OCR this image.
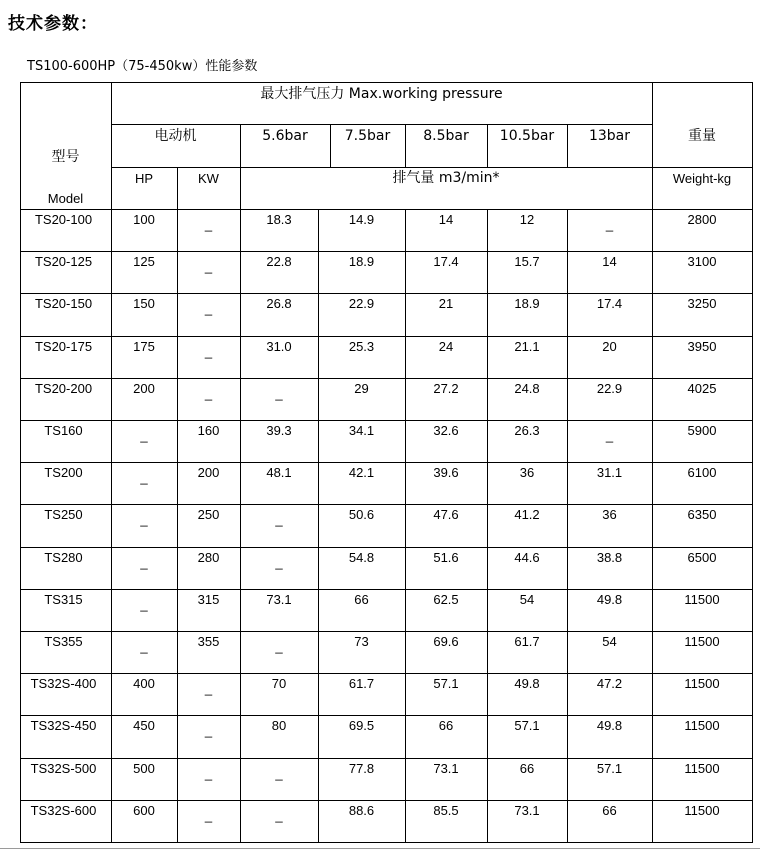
技术参数：
TS100-600HP（75-450kw）性能参数
最大排气压力 Max.working pressure
电动机	5.6bar	7.5bar	8.5bar	10.5bar	13bar	重量
型号
Model
HP	KW	排气量 m3/min*	Weight-kg
TS20-100	100	_	18.3	14.9	14	12	_	2800
TS20-125	125	_	22.8	18.9	17.4	15.7	14	3100
TS20-150	150	_	26.8	22.9	21	18.9	17.4	3250
TS20-175	175	_	31.0	25.3	24	21.1	20	3950
TS20-200	200	_	_	29	27.2	24.8	22.9	4025
TS160	_	160	39.3	34.1	32.6	26.3	_	5900
TS200	_	200	48.1	42.1	39.6	36	31.1	6100
TS250	_	250	_	50.6	47.6	41.2	36	6350
TS280	_	280	_	54.8	51.6	44.6	38.8	6500
TS315	_	315	73.1	66	62.5	54	49.8	11500
TS355	_	355	_	73	69.6	61.7	54	11500
TS32S-400	400	_	70	61.7	57.1	49.8	47.2	11500
TS32S-450	450	_	80	69.5	66	57.1	49.8	11500
TS32S-500	500	_	_	77.8	73.1	66	57.1	11500
TS32S-600	600	_	_	88.6	85.5	73.1	66	11500
